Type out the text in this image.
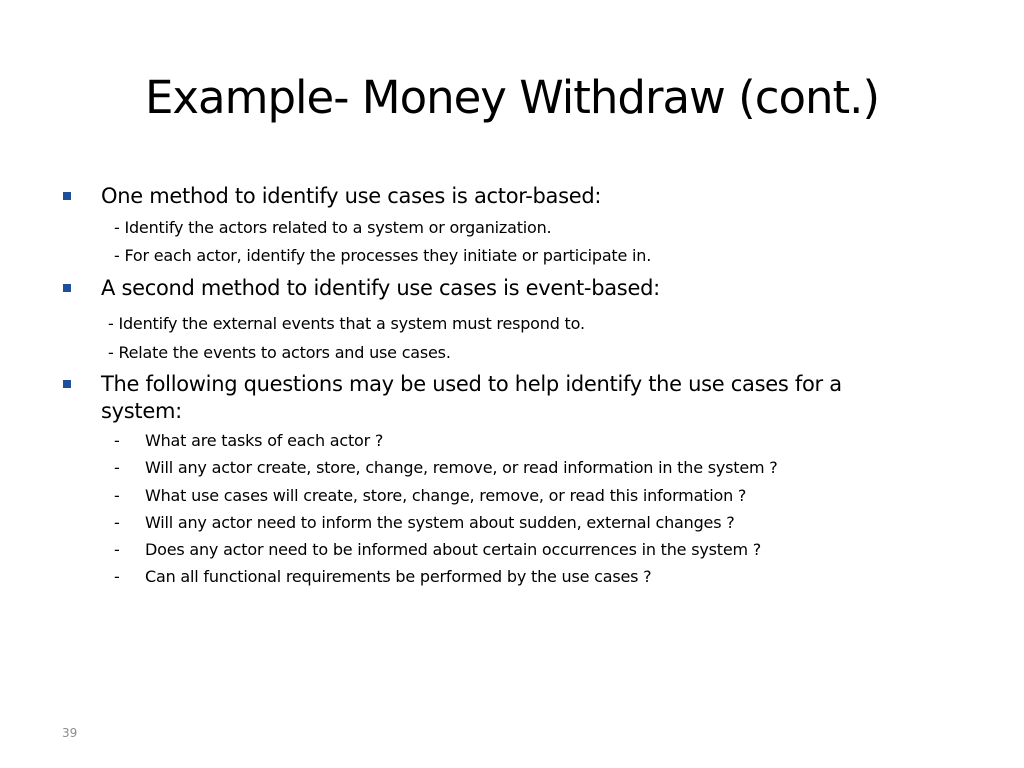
Example- Money Withdraw (cont.)
One method to identify use cases is actor-based:
- Identify the actors related to a system or organization.
- For each actor, identify the processes they initiate or participate in.
A second method to identify use cases is event-based:
- Identify the external events that a system must respond to.
- Relate the events to actors and use cases.
The following questions may be used to help identify the use cases for a
system:
- What are tasks of each actor ?
- Will any actor create, store, change, remove, or read information in the system ?
- What use cases will create, store, change, remove, or read this information ?
- Will any actor need to inform the system about sudden, external changes ?
- Does any actor need to be informed about certain occurrences in the system ?
- Can all functional requirements be performed by the use cases ?
39
